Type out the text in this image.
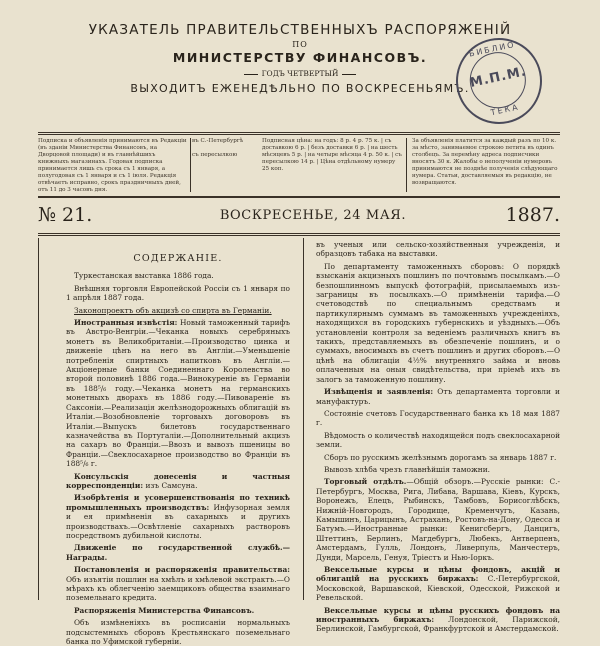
УКАЗАТЕЛЬ ПРАВИТЕЛЬСТВЕННЫХЪ РАСПОРЯЖЕНІЙ
ПО
МИНИСТЕРСТВУ ФИНАНСОВЪ.
ГОДЪ ЧЕТВЕРТЫЙ
ВЫХОДИТЪ ЕЖЕНЕДѢЛЬНО ПО ВОСКРЕСЕНЬЯМЪ.
БИБЛИО
М.П.М.
ТЕКА
Подписка и объявленія принимаются въ Редакціи (въ зданіи Министерства Финансовъ, на Дворцовой площади) и въ главнѣйшихъ книжныхъ магазинахъ. Годовая подписка принимается лишь съ срока съ 1 января, а полугодовая съ 1 января и съ 1 іюля. Редакція отвѣчаетъ исправно, срокъ праздничныхъ дней, отъ 11 до 3 часовъ дня.
въ С.-Петербургѣ

съ пересылкою
Подписная цѣна: на годъ: 8 р. 4 р. 75 к. | съ доставкою 6 р. | безъ доставки 6 р. | на шесть мѣсяцевъ 5 р. | на четыре мѣсяца 4 р. 50 к. | съ пересылкою 14 р. | Цѣна отдѣльному нумеру 25 коп.
За объявленія платится за каждый разъ по 10 к. за мѣсто, занимаемое строкою петита въ одинъ столбецъ. За перемѣну адреса подписчики вносятъ 30 к. Жалобы о неполученіи нумеровъ принимаются не позднѣе полученія слѣдующаго нумера. Статьи, доставляемыя въ редакцію, не возвращаются.
№ 21.	ВОСКРЕСЕНЬЕ, 24 МАЯ.	1887.

СОДЕРЖАНІЕ.

Туркестанская выставка 1886 года.

Внѣшняя торговля Европейской Россіи съ 1 января по 1 апрѣля 1887 года.

Законопроектъ объ акцизѣ со спирта въ Германіи.

Иностранныя извѣстія: Новый таможенный тарифъ въ Австро-Венгріи.—Чеканка новыхъ серебряныхъ монетъ въ Великобританіи.—Производство цинка и движеніе цѣнъ на него въ Англіи.—Уменьшеніе потребленія спиртныхъ напитковъ въ Англіи.— Акціонерные банки Соединеннаго Королевства во второй половинѣ 1886 года.—Винокуреніе въ Германіи въ 188⁵/₆ году.—Чеканка монетъ на германскихъ монетныхъ дворахъ въ 1886 году.—Пивовареніе въ Саксоніи.—Реализація желѣзнодорожныхъ облигацій въ Италіи.—Возобновленіе торговыхъ договоровъ въ Италіи.—Выпускъ билетовъ государственнаго казначейства въ Португаліи.—Дополнительный акцизъ на сахаръ во Франціи.—Ввозъ и вывозъ пшеницы во Франціи.—Свеклосахарное производство во Франціи въ 188⁵/₆ г.

Консульскія донесенія и частныя корреспонденціи: изъ Самсуна.

Изобрѣтенія и усовершенствованія по техникѣ промышленныхъ производствъ: Инфузорная земля и ея примѣненія въ сахарныхъ и другихъ производствахъ.—Освѣтленіе сахарныхъ растворовъ посредствомъ дубильной кислоты.

Движеніе по государственной службѣ.—Награды.

Постановленія и распоряженія правительства: Объ изъятіи пошлин на хмѣлъ и хмѣлевой экстрактъ.—О мѣрахъ къ облегченію заемщиковъ общества взаимнаго поземельнаго кредита.

Распоряженія Министерства Финансовъ.

Объ измѣненіяхъ въ росписаніи нормальныхъ подсыстемныхъ сборовъ Крестьянскаго поземельнаго банка по Уфимской губерніи.

въ ученыя или сельско-хозяйственныя учрежденія, и образцовъ табака на выставки.

По департаменту таможенныхъ сборовъ: О порядкѣ взысканія акцизныхъ пошлинъ по почтовымъ посылкамъ.—О безпошлинномъ выпускѣ фотографій, присылаемыхъ изъ-заграницы въ посылкахъ.—О примѣненіи тарифа.—О счетоводствѣ по специальнымъ средствамъ и партикулярнымъ суммамъ въ таможенныхъ учрежденіяхъ, находящихся въ городскихъ губернскихъ и уѣздныхъ.—Объ установленіи контроля за веденіемъ различныхъ книгъ въ такихъ, представляемыхъ въ обезпеченіе пошлинъ, и о суммахъ, вносимыхъ въ счетъ пошлинъ и других сборовъ.—О цѣнѣ на облигаціи 4½% внутренняго займа и вновь оплаченныя на оныя свидѣтельства, при пріемѣ ихъ въ залогъ за таможенную пошлину.

Извѣщенія и заявленія: Отъ департамента торговли и мануфактуръ.

Состояніе счетовъ Государственнаго банка къ 18 мая 1887 г.

Вѣдомость о количествѣ находящейся подъ свеклосахарной земли.

Сборъ по русскимъ желѣзнымъ дорогамъ за январь 1887 г.

Вывозъ хлѣба чрезъ главнѣйшія таможни.

Торговый отдѣлъ.—Общій обзоръ.—Русскіе рынки: С.-Петербургъ, Москва, Рига, Либава, Варшава, Кіевъ, Курскъ, Воронежъ, Елецъ, Рыбинскъ, Тамбовъ, Борисоглѣбскъ, Нижній-Новгородъ, Городище, Кременчугъ, Казань, Камышинъ, Царицынъ, Астрахань, Ростовъ-на-Дону, Одесса и Батумъ.—Иностранные рынки: Кенигсбергъ, Данцигъ, Штеттинъ, Берлинъ, Магдебургъ, Любекъ, Антверпенъ, Амстердамъ, Гулль, Лондонъ, Ливерпуль, Манчестеръ, Дунди, Марсель, Генуя, Тріестъ и Нью-Іоркъ.

Вексельные курсы и цѣны фондовъ, акцій и облигацій на русскихъ биржахъ: С.-Петербургской, Московской, Варшавской, Кіевской, Одесской, Рижской и Ревельской.

Вексельные курсы и цѣны русскихъ фондовъ на иностранныхъ биржахъ: Лондонской, Парижской, Берлинской, Гамбургской, Франкфуртской и Амстердамской.
